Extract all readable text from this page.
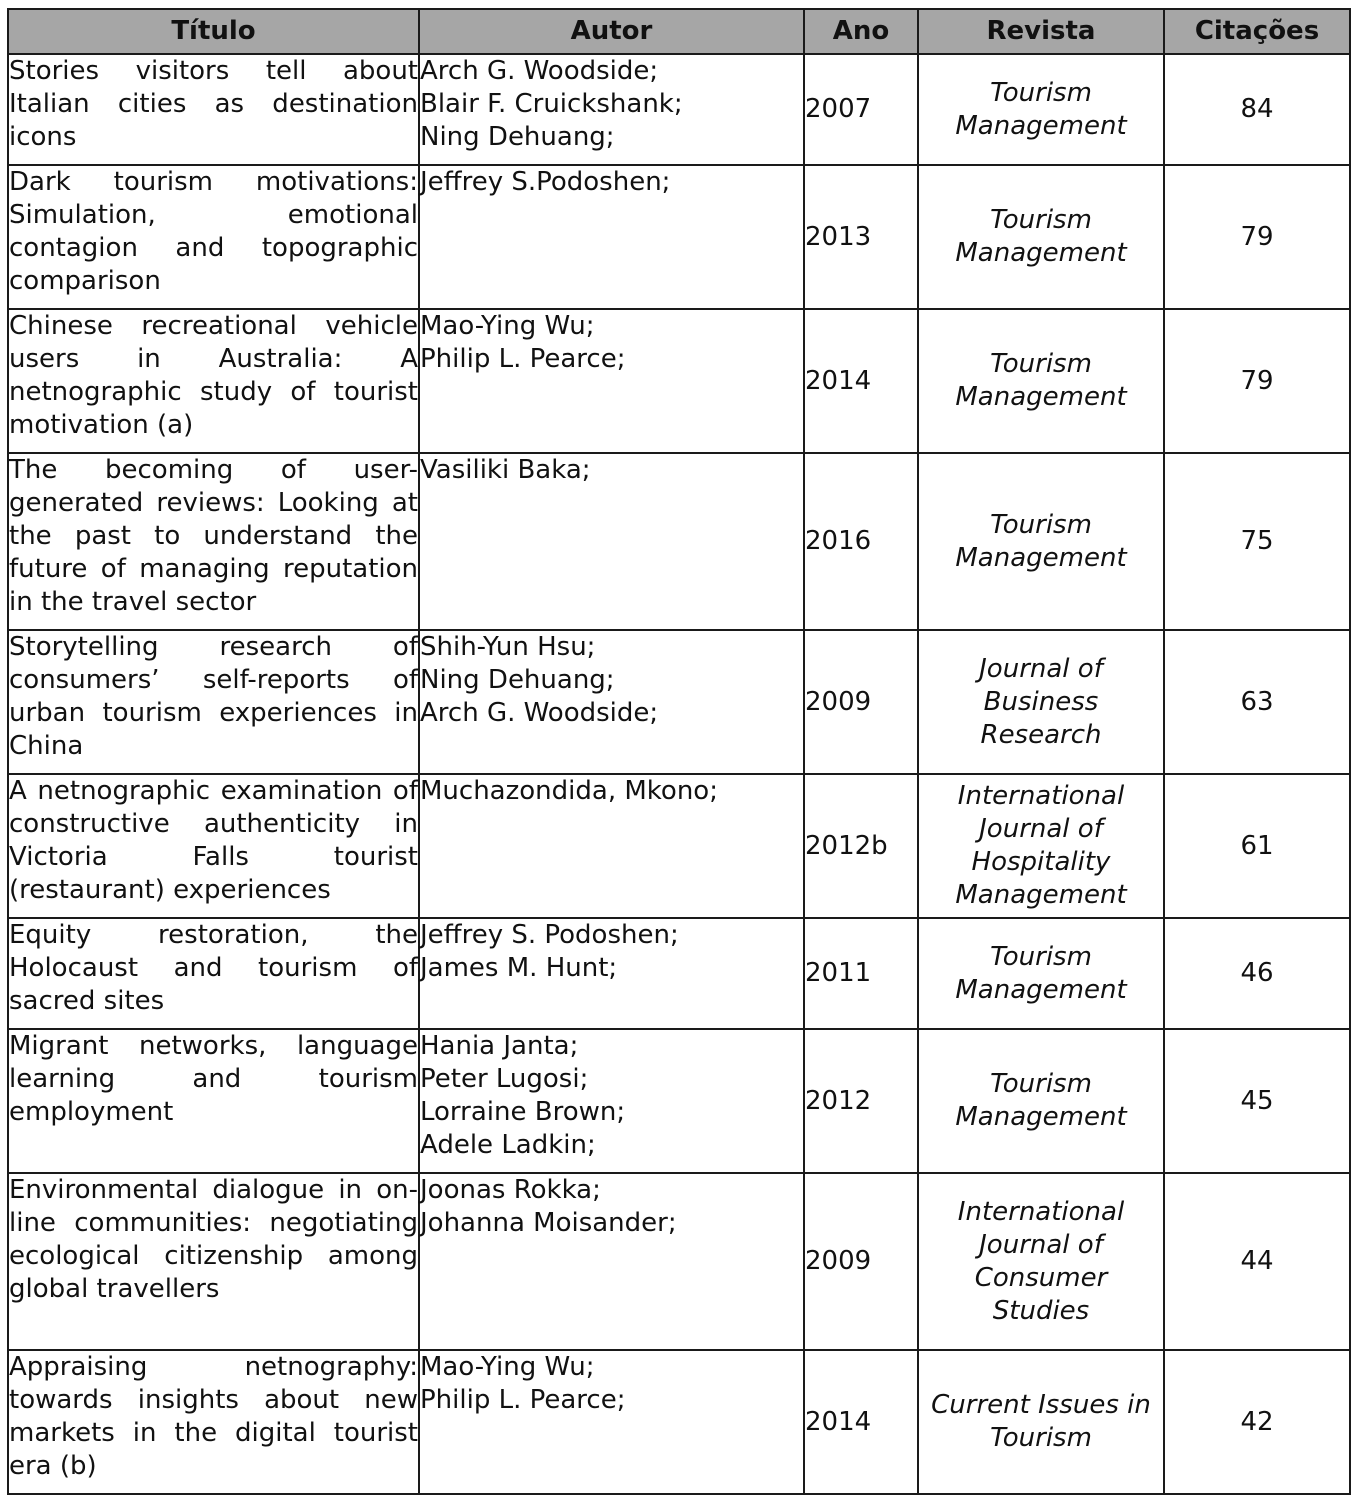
Título	Autor	Ano	Revista	Citações
Stories visitors tell about Italian cities as destination icons	Arch G. Woodside;
Blair F. Cruickshank;
Ning Dehuang;	2007	Tourism
Management	84
Dark tourism motivations: Simulation, emotional contagion and topographic comparison	Jeffrey S.Podoshen;	2013	Tourism
Management	79
Chinese recreational vehicle users in Australia: A netnographic study of tourist motivation (a)	Mao-Ying Wu;
Philip L. Pearce;	2014	Tourism
Management	79
The becoming of user-generated reviews: Looking at the past to understand the future of managing reputation in the travel sector	Vasiliki Baka;	2016	Tourism
Management	75
Storytelling research of consumers’ self-reports of urban tourism experiences in China	Shih-Yun Hsu;
Ning Dehuang;
Arch G. Woodside;	2009	Journal of
Business
Research	63
A netnographic examination of constructive authenticity in Victoria Falls tourist (restaurant) experiences	Muchazondida, Mkono;	2012b	International
Journal of
Hospitality
Management	61
Equity restoration, the Holocaust and tourism of sacred sites	Jeffrey S. Podoshen;
James M. Hunt;	2011	Tourism
Management	46
Migrant networks, language learning and tourism employment	Hania Janta;
Peter Lugosi;
Lorraine Brown;
Adele Ladkin;	2012	Tourism
Management	45
Environmental dialogue in on-line communities: negotiating ecological citizenship among global travellers	Joonas Rokka;
Johanna Moisander;	2009	International
Journal of
Consumer
Studies	44
Appraising netnography: towards insights about new markets in the digital tourist era (b)	Mao-Ying Wu;
Philip L. Pearce;	2014	Current Issues in
Tourism	42
